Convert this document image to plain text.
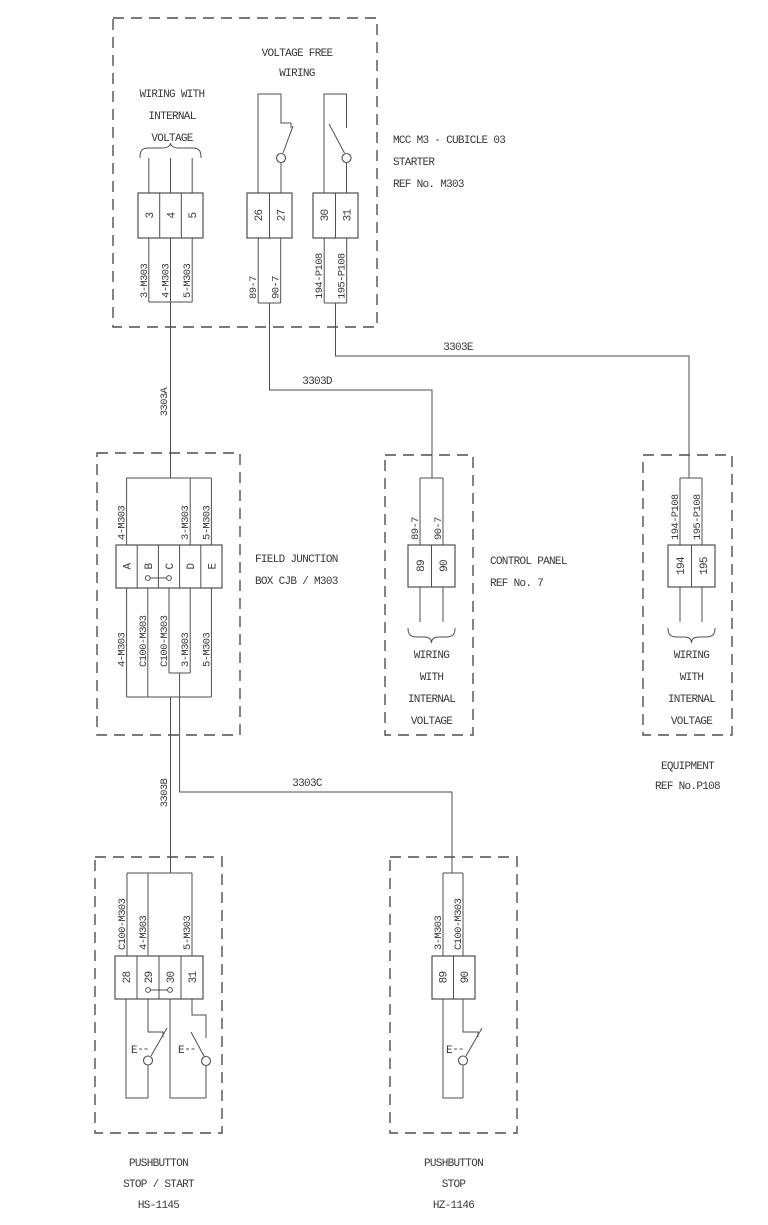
VOLTAGE FREE
WIRING
WIRING WITH
INTERNAL
VOLTAGE
3 4 5
3-M303 4-M303 5-M303
26 27
89-7 90-7
30 31
194-P108 195-P108
MCC M3 - CUBICLE 03
STARTER
REF No. M303
3303A
3303D
3303E
3303B	3303C
4-M303	3-M303 5-M303
A B C D E
4-M303 C100-M303 C100-M303 3-M303 5-M303
FIELD JUNCTION
BOX CJB / M303
89-7 90-7
89 90
WIRING
WITH
INTERNAL
VOLTAGE
CONTROL PANEL
REF No. 7
194-P108 195-P108
194 195
WIRING
WITH
INTERNAL
VOLTAGE
EQUIPMENT
REF No.P108
C100-M303 4-M303	5-M303
28 29 30 31
E	E
PUSHBUTTON
STOP / START
HS-1145
3-M303 C100-M303
89 90
E
PUSHBUTTON
STOP
HZ-1146
